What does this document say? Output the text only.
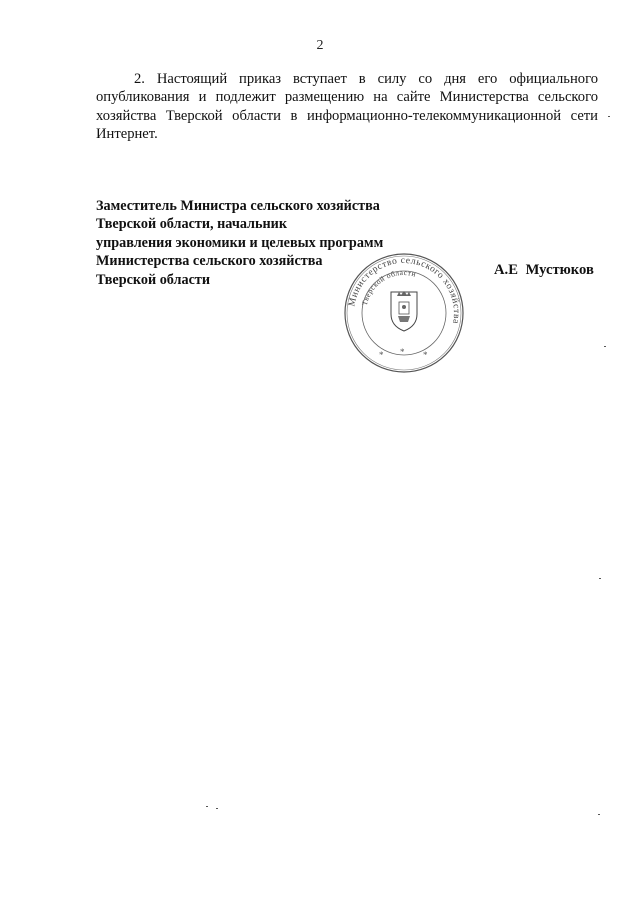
2

2. Настоящий приказ вступает в силу со дня его официального опубликования и подлежит размещению на сайте Министерства сельского хозяйства Тверской области в информационно-телекоммуникационной сети Интернет.

Заместитель Министра сельского хозяйства
Тверской области, начальник
управления экономики и целевых программ
Министерства сельского хозяйства
Тверской области
А.Е Мустюков
Министерство сельского хозяйства
Тверской области
* * *
